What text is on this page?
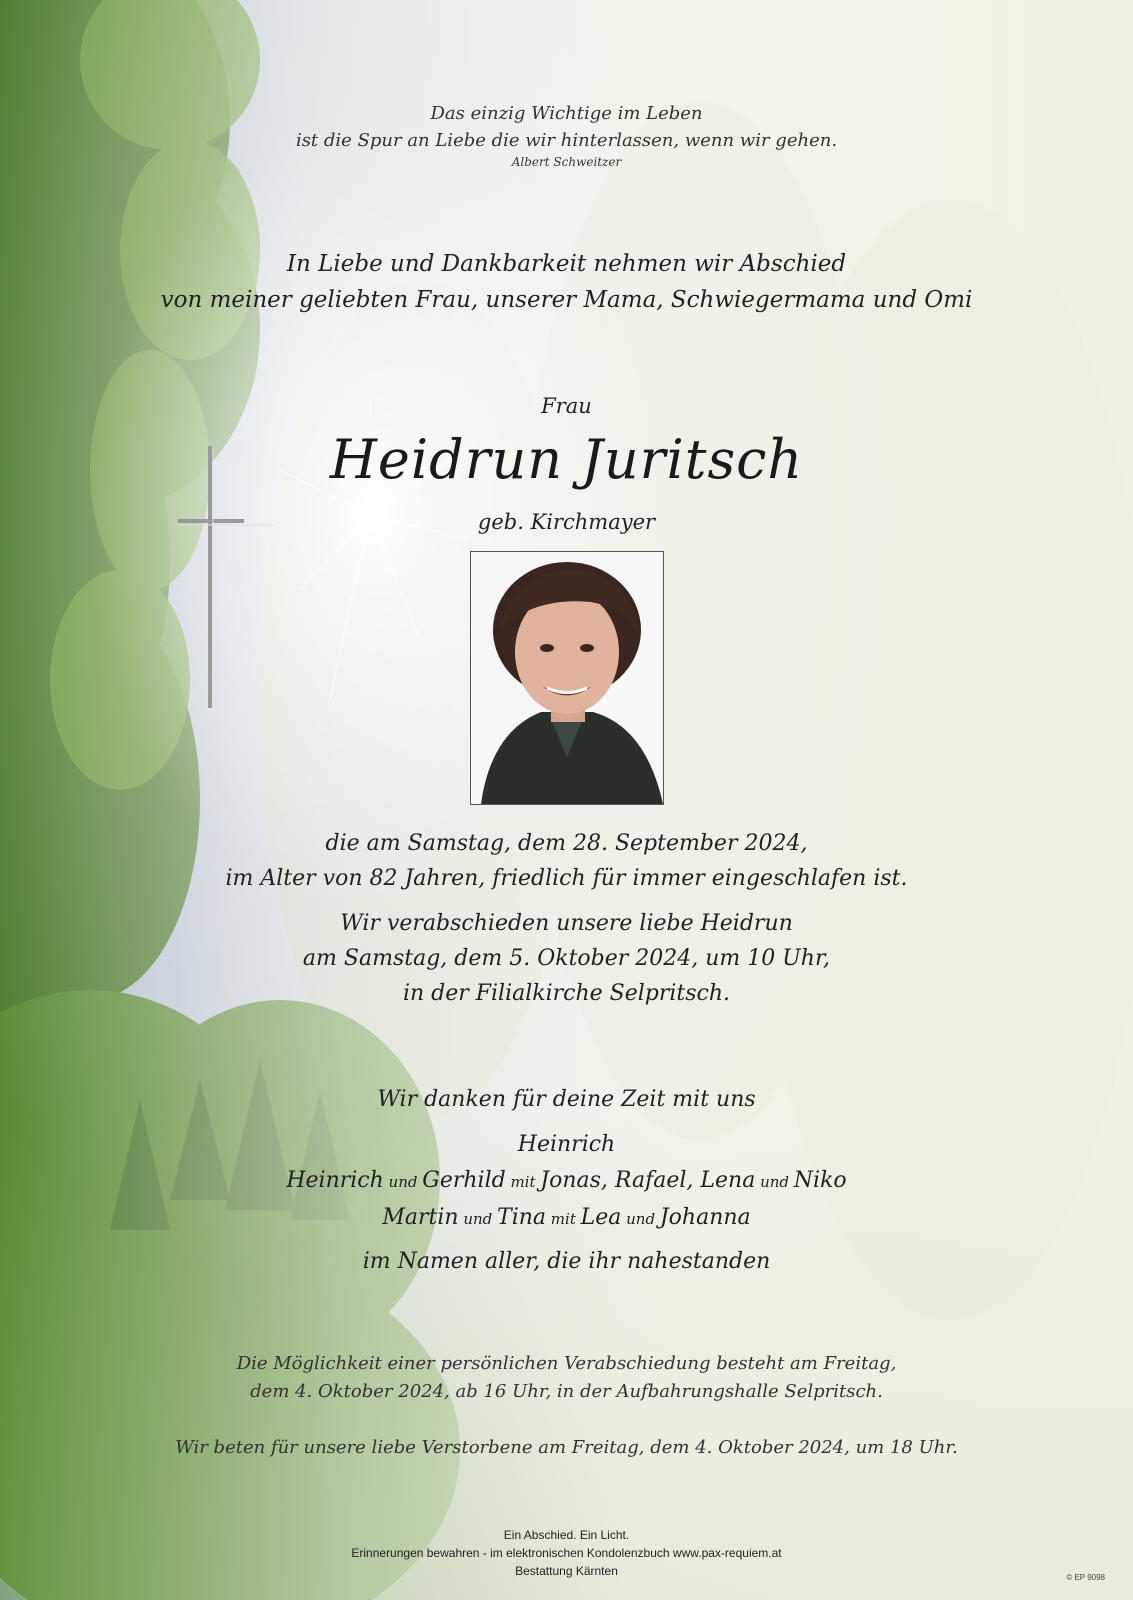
Das einzig Wichtige im Leben
ist die Spur an Liebe die wir hinterlassen, wenn wir gehen.
Albert Schweitzer
In Liebe und Dankbarkeit nehmen wir Abschied
von meiner geliebten Frau, unserer Mama, Schwiegermama und Omi
Frau
Heidrun Juritsch
geb. Kirchmayer
die am Samstag, dem 28. September 2024,
im Alter von 82 Jahren, friedlich für immer eingeschlafen ist.
Wir verabschieden unsere liebe Heidrun
am Samstag, dem 5. Oktober 2024, um 10 Uhr,
in der Filialkirche Selpritsch.
Wir danken für deine Zeit mit uns
Heinrich
Heinrich und Gerhild mit Jonas, Rafael, Lena und Niko
Martin und Tina mit Lea und Johanna
im Namen aller, die ihr nahestanden
Die Möglichkeit einer persönlichen Verabschiedung besteht am Freitag,
dem 4. Oktober 2024, ab 16 Uhr, in der Aufbahrungshalle Selpritsch.
Wir beten für unsere liebe Verstorbene am Freitag, dem 4. Oktober 2024, um 18 Uhr.
Ein Abschied. Ein Licht.
Erinnerungen bewahren - im elektronischen Kondolenzbuch www.pax-requiem.at
Bestattung Kärnten	© EP 9098
